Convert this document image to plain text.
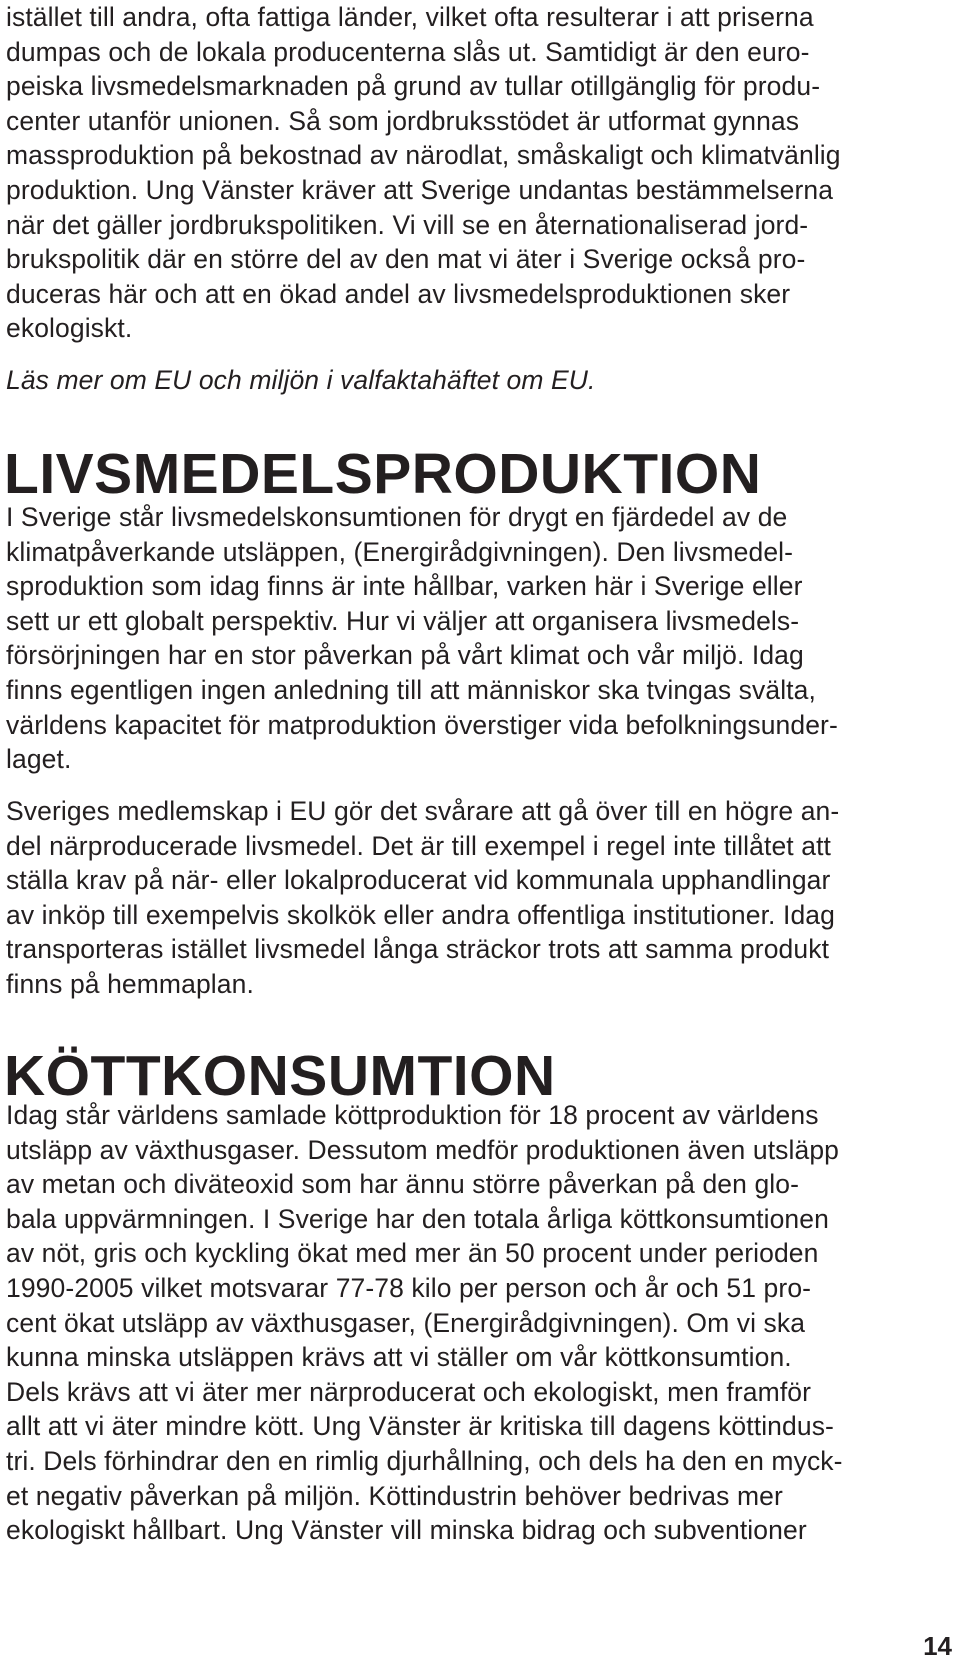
istället till andra, ofta fattiga länder, vilket ofta resulterar i att priserna
dumpas och de lokala producenterna slås ut. Samtidigt är den euro-
peiska livsmedelsmarknaden på grund av tullar otillgänglig för produ-
center utanför unionen. Så som jordbruksstödet är utformat gynnas
massproduktion på bekostnad av närodlat, småskaligt och klimatvänlig
produktion. Ung Vänster kräver att Sverige undantas bestämmelserna
när det gäller jordbrukspolitiken. Vi vill se en åternationaliserad jord-
brukspolitik där en större del av den mat vi äter i Sverige också pro-
duceras här och att en ökad andel av livsmedelsproduktionen sker
ekologiskt.
Läs mer om EU och miljön i valfaktahäftet om EU.
LIVSMEDELSPRODUKTION
I Sverige står livsmedelskonsumtionen för drygt en fjärdedel av de
klimatpåverkande utsläppen, (Energirådgivningen). Den livsmedel-
sproduktion som idag finns är inte hållbar, varken här i Sverige eller
sett ur ett globalt perspektiv. Hur vi väljer att organisera livsmedels-
försörjningen har en stor påverkan på vårt klimat och vår miljö. Idag
finns egentligen ingen anledning till att människor ska tvingas svälta,
världens kapacitet för matproduktion överstiger vida befolkningsunder-
laget.
Sveriges medlemskap i EU gör det svårare att gå över till en högre an-
del närproducerade livsmedel. Det är till exempel i regel inte tillåtet att
ställa krav på när- eller lokalproducerat vid kommunala upphandlingar
av inköp till exempelvis skolkök eller andra offentliga institutioner. Idag
transporteras istället livsmedel långa sträckor trots att samma produkt
finns på hemmaplan.
KÖTTKONSUMTION
Idag står världens samlade köttproduktion för 18 procent av världens
utsläpp av växthusgaser. Dessutom medför produktionen även utsläpp
av metan och diväteoxid som har ännu större påverkan på den glo-
bala uppvärmningen. I Sverige har den totala årliga köttkonsumtionen
av nöt, gris och kyckling ökat med mer än 50 procent under perioden
1990-2005 vilket motsvarar 77-78 kilo per person och år och 51 pro-
cent ökat utsläpp av växthusgaser, (Energirådgivningen). Om vi ska
kunna minska utsläppen krävs att vi ställer om vår köttkonsumtion.
Dels krävs att vi äter mer närproducerat och ekologiskt, men framför
allt att vi äter mindre kött. Ung Vänster är kritiska till dagens köttindus-
tri. Dels förhindrar den en rimlig djurhållning, och dels ha den en myck-
et negativ påverkan på miljön. Köttindustrin behöver bedrivas mer
ekologiskt hållbart. Ung Vänster vill minska bidrag och subventioner
14
